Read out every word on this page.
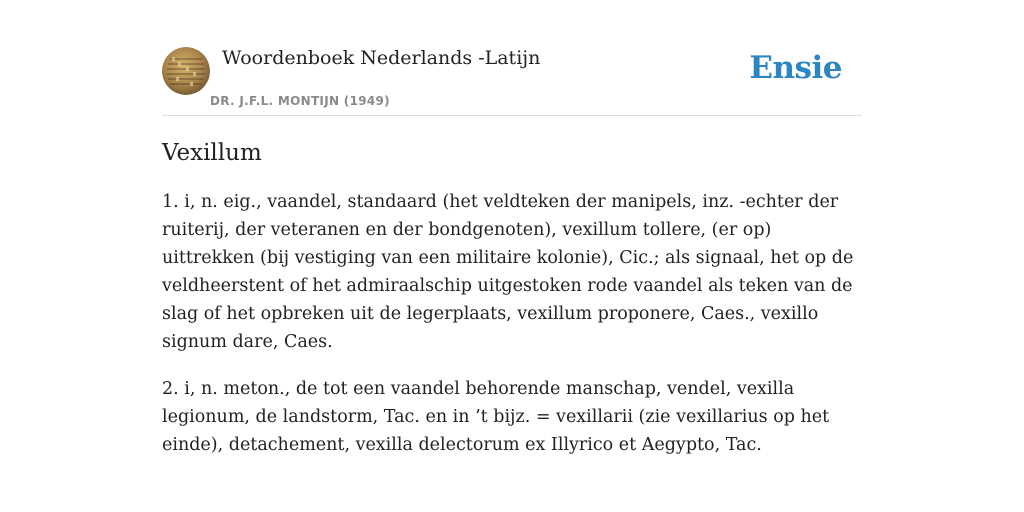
Woordenboek Nederlands -Latijn
DR. J.F.L. MONTIJN (1949)
Ensie
Vexillum

1. i, n. eig., vaandel, standaard (het veldteken der manipels, inz. -echter der ruiterij, der veteranen en der bondgenoten), vexillum tollere, (er op) uittrekken (bij vestiging van een militaire kolonie), Cic.; als signaal, het op de veldheerstent of het admiraalschip uitgestoken rode vaandel als teken van de slag of het opbreken uit de legerplaats, vexillum proponere, Caes., vexillo signum dare, Caes.

2. i, n. meton., de tot een vaandel behorende manschap, vendel, vexilla legionum, de landstorm, Tac. en in ’t bijz. = vexillarii (zie vexillarius op het einde), detachement, vexilla delectorum ex Illyrico et Aegypto, Tac.
